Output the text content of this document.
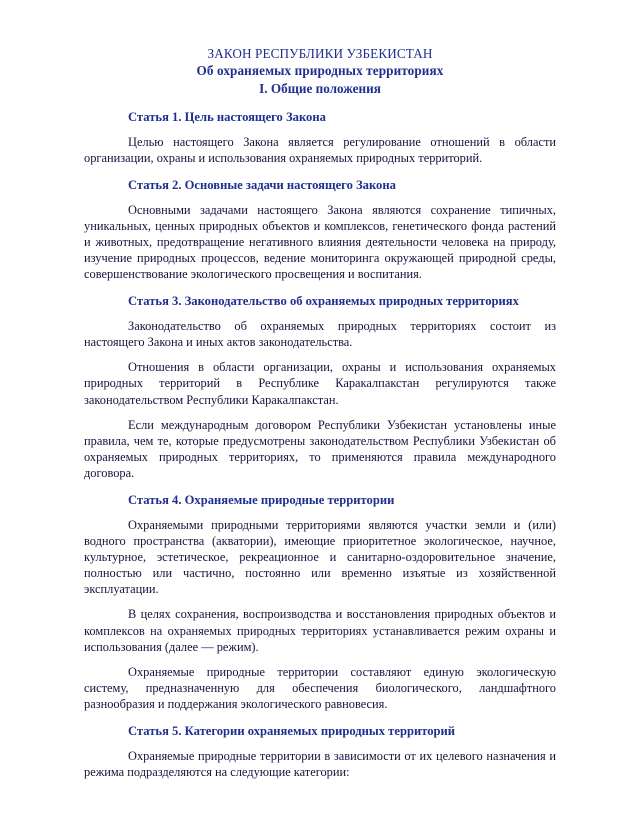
ЗАКОН РЕСПУБЛИКИ УЗБЕКИСТАН
Об охраняемых природных территориях
I. Общие положения
Статья 1. Цель настоящего Закона

Целью настоящего Закона является регулирование отношений в области организации, охраны и использования охраняемых природных территорий.

Статья 2. Основные задачи настоящего Закона

Основными задачами настоящего Закона являются сохранение типичных, уникальных, ценных природных объектов и комплексов, генетического фонда растений и животных, предотвращение негативного влияния деятельности человека на природу, изучение природных процессов, ведение мониторинга окружающей природной среды, совершенствование экологического просвещения и воспитания.

Статья 3. Законодательство об охраняемых природных территориях

Законодательство об охраняемых природных территориях состоит из настоящего Закона и иных актов законодательства.

Отношения в области организации, охраны и использования охраняемых природных территорий в Республике Каракалпакстан регулируются также законодательством Республики Каракалпакстан.

Если международным договором Республики Узбекистан установлены иные правила, чем те, которые предусмотрены законодательством Республики Узбекистан об охраняемых природных территориях, то применяются правила международного договора.

Статья 4. Охраняемые природные территории

Охраняемыми природными территориями являются участки земли и (или) водного пространства (акватории), имеющие приоритетное экологическое, научное, культурное, эстетическое, рекреационное и санитарно-оздоровительное значение, полностью или частично, постоянно или временно изъятые из хозяйственной эксплуатации.

В целях сохранения, воспроизводства и восстановления природных объектов и комплексов на охраняемых природных территориях устанавливается режим охраны и использования (далее — режим).

Охраняемые природные территории составляют единую экологическую систему, предназначенную для обеспечения биологического, ландшафтного разнообразия и поддержания экологического равновесия.

Статья 5. Категории охраняемых природных территорий

Охраняемые природные территории в зависимости от их целевого назначения и режима подразделяются на следующие категории:
